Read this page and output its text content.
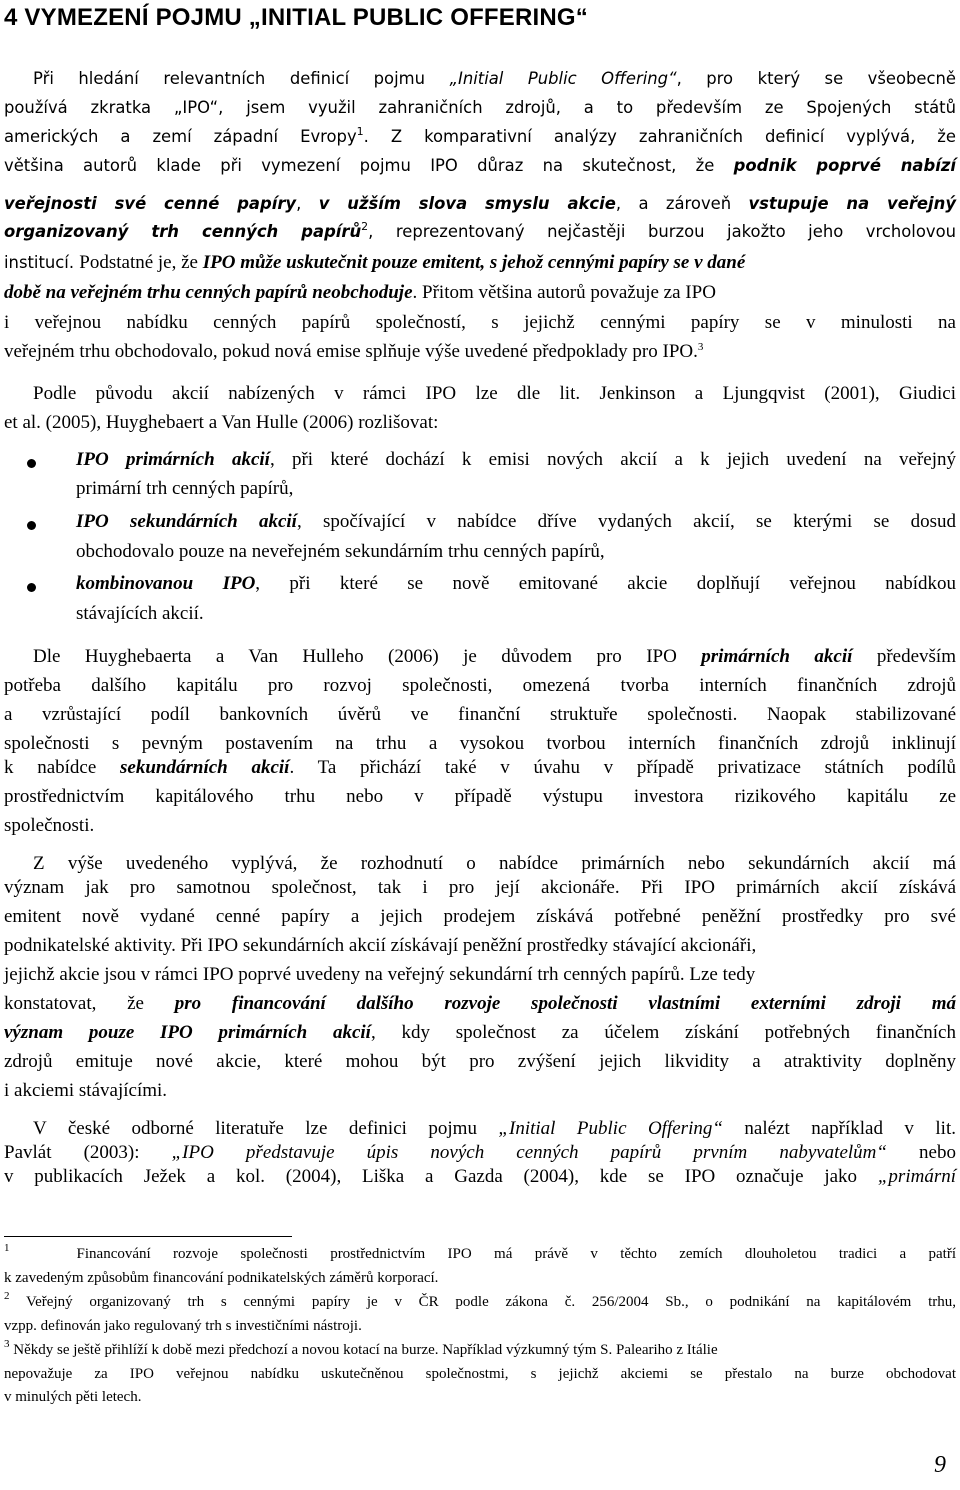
4 VYMEZENÍ POJMU „INITIAL PUBLIC OFFERING“
Při hledání relevantních definicí pojmu „Initial Public Offering“, pro který se všeobecně
používá zkratka „IPO“, jsem využil zahraničních zdrojů, a to především ze Spojených států
amerických a zemí západní Evropy$^1$. Z komparativní analýzy zahraničních definicí vyplývá, že
většina autorů klade při vymezení pojmu IPO důraz na skutečnost, že podnik poprvé nabízí
veřejnosti své cenné papíry, v užším slova smyslu akcie, a zároveň vstupuje na veřejný
organizovaný trh cenných papírů$^2$, reprezentovaný nejčastěji burzou jakožto jeho vrcholovou
institucí. Podstatné je, že IPO může uskutečnit pouze emitent, s jehož cennými papíry se v dané
době na veřejném trhu cenných papírů neobchoduje. Přitom většina autorů považuje za IPO
i veřejnou nabídku cenných papírů společností, s jejichž cennými papíry se v minulosti na
veřejném trhu obchodovalo, pokud nová emise splňuje výše uvedené předpoklady pro IPO.$^3$
Podle původu akcií nabízených v rámci IPO lze dle lit. Jenkinson a Ljungqvist (2001), Giudici
et al. (2005), Huyghebaert a Van Hulle (2006) rozlišovat:
IPO primárních akcií, při které dochází k emisi nových akcií a k jejich uvedení na veřejný
primární trh cenných papírů,
IPO sekundárních akcií, spočívající v nabídce dříve vydaných akcií, se kterými se dosud
obchodovalo pouze na neveřejném sekundárním trhu cenných papírů,
kombinovanou IPO, při které se nově emitované akcie doplňují veřejnou nabídkou
stávajících akcií.
Dle Huyghebaerta a Van Hulleho (2006) je důvodem pro IPO primárních akcií především
potřeba dalšího kapitálu pro rozvoj společnosti, omezená tvorba interních finančních zdrojů
a vzrůstající podíl bankovních úvěrů ve finanční struktuře společnosti. Naopak stabilizované
společnosti s pevným postavením na trhu a vysokou tvorbou interních finančních zdrojů inklinují
k nabídce sekundárních akcií. Ta přichází také v úvahu v případě privatizace státních podílů
prostřednictvím kapitálového trhu nebo v případě výstupu investora rizikového kapitálu ze
společnosti.
Z výše uvedeného vyplývá, že rozhodnutí o nabídce primárních nebo sekundárních akcií má
význam jak pro samotnou společnost, tak i pro její akcionáře. Při IPO primárních akcií získává
emitent nově vydané cenné papíry a jejich prodejem získává potřebné peněžní prostředky pro své
podnikatelské aktivity. Při IPO sekundárních akcií získávají peněžní prostředky stávající akcionáři,
jejichž akcie jsou v rámci IPO poprvé uvedeny na veřejný sekundární trh cenných papírů. Lze tedy
konstatovat, že pro financování dalšího rozvoje společnosti vlastními externími zdroji má
význam pouze IPO primárních akcií, kdy společnost za účelem získání potřebných finančních
zdrojů emituje nové akcie, které mohou být pro zvýšení jejich likvidity a atraktivity doplněny
i akciemi stávajícími.
V české odborné literatuře lze definici pojmu „Initial Public Offering“ nalézt například v lit.
Pavlát (2003): „IPO představuje úpis nových cenných papírů prvním nabyvatelům“ nebo
v publikacích Ježek a kol. (2004), Liška a Gazda (2004), kde se IPO označuje jako „primární
$^1$   Financování rozvoje společnosti prostřednictvím IPO má právě v těchto zemích dlouholetou tradici a patří
k zavedeným způsobům financování podnikatelských záměrů korporací.
$^2$ Veřejný organizovaný trh s cennými papíry je v ČR podle zákona č. 256/2004 Sb., o podnikání na kapitálovém trhu,
vzpp. definován jako regulovaný trh s investičními nástroji.
$^3$ Někdy se ještě přihlíží k době mezi předchozí a novou kotací na burze. Například výzkumný tým S. Paleariho z Itálie
nepovažuje za IPO veřejnou nabídku uskutečněnou společnostmi, s jejichž akciemi se přestalo na burze obchodovat
v minulých pěti letech.
9
